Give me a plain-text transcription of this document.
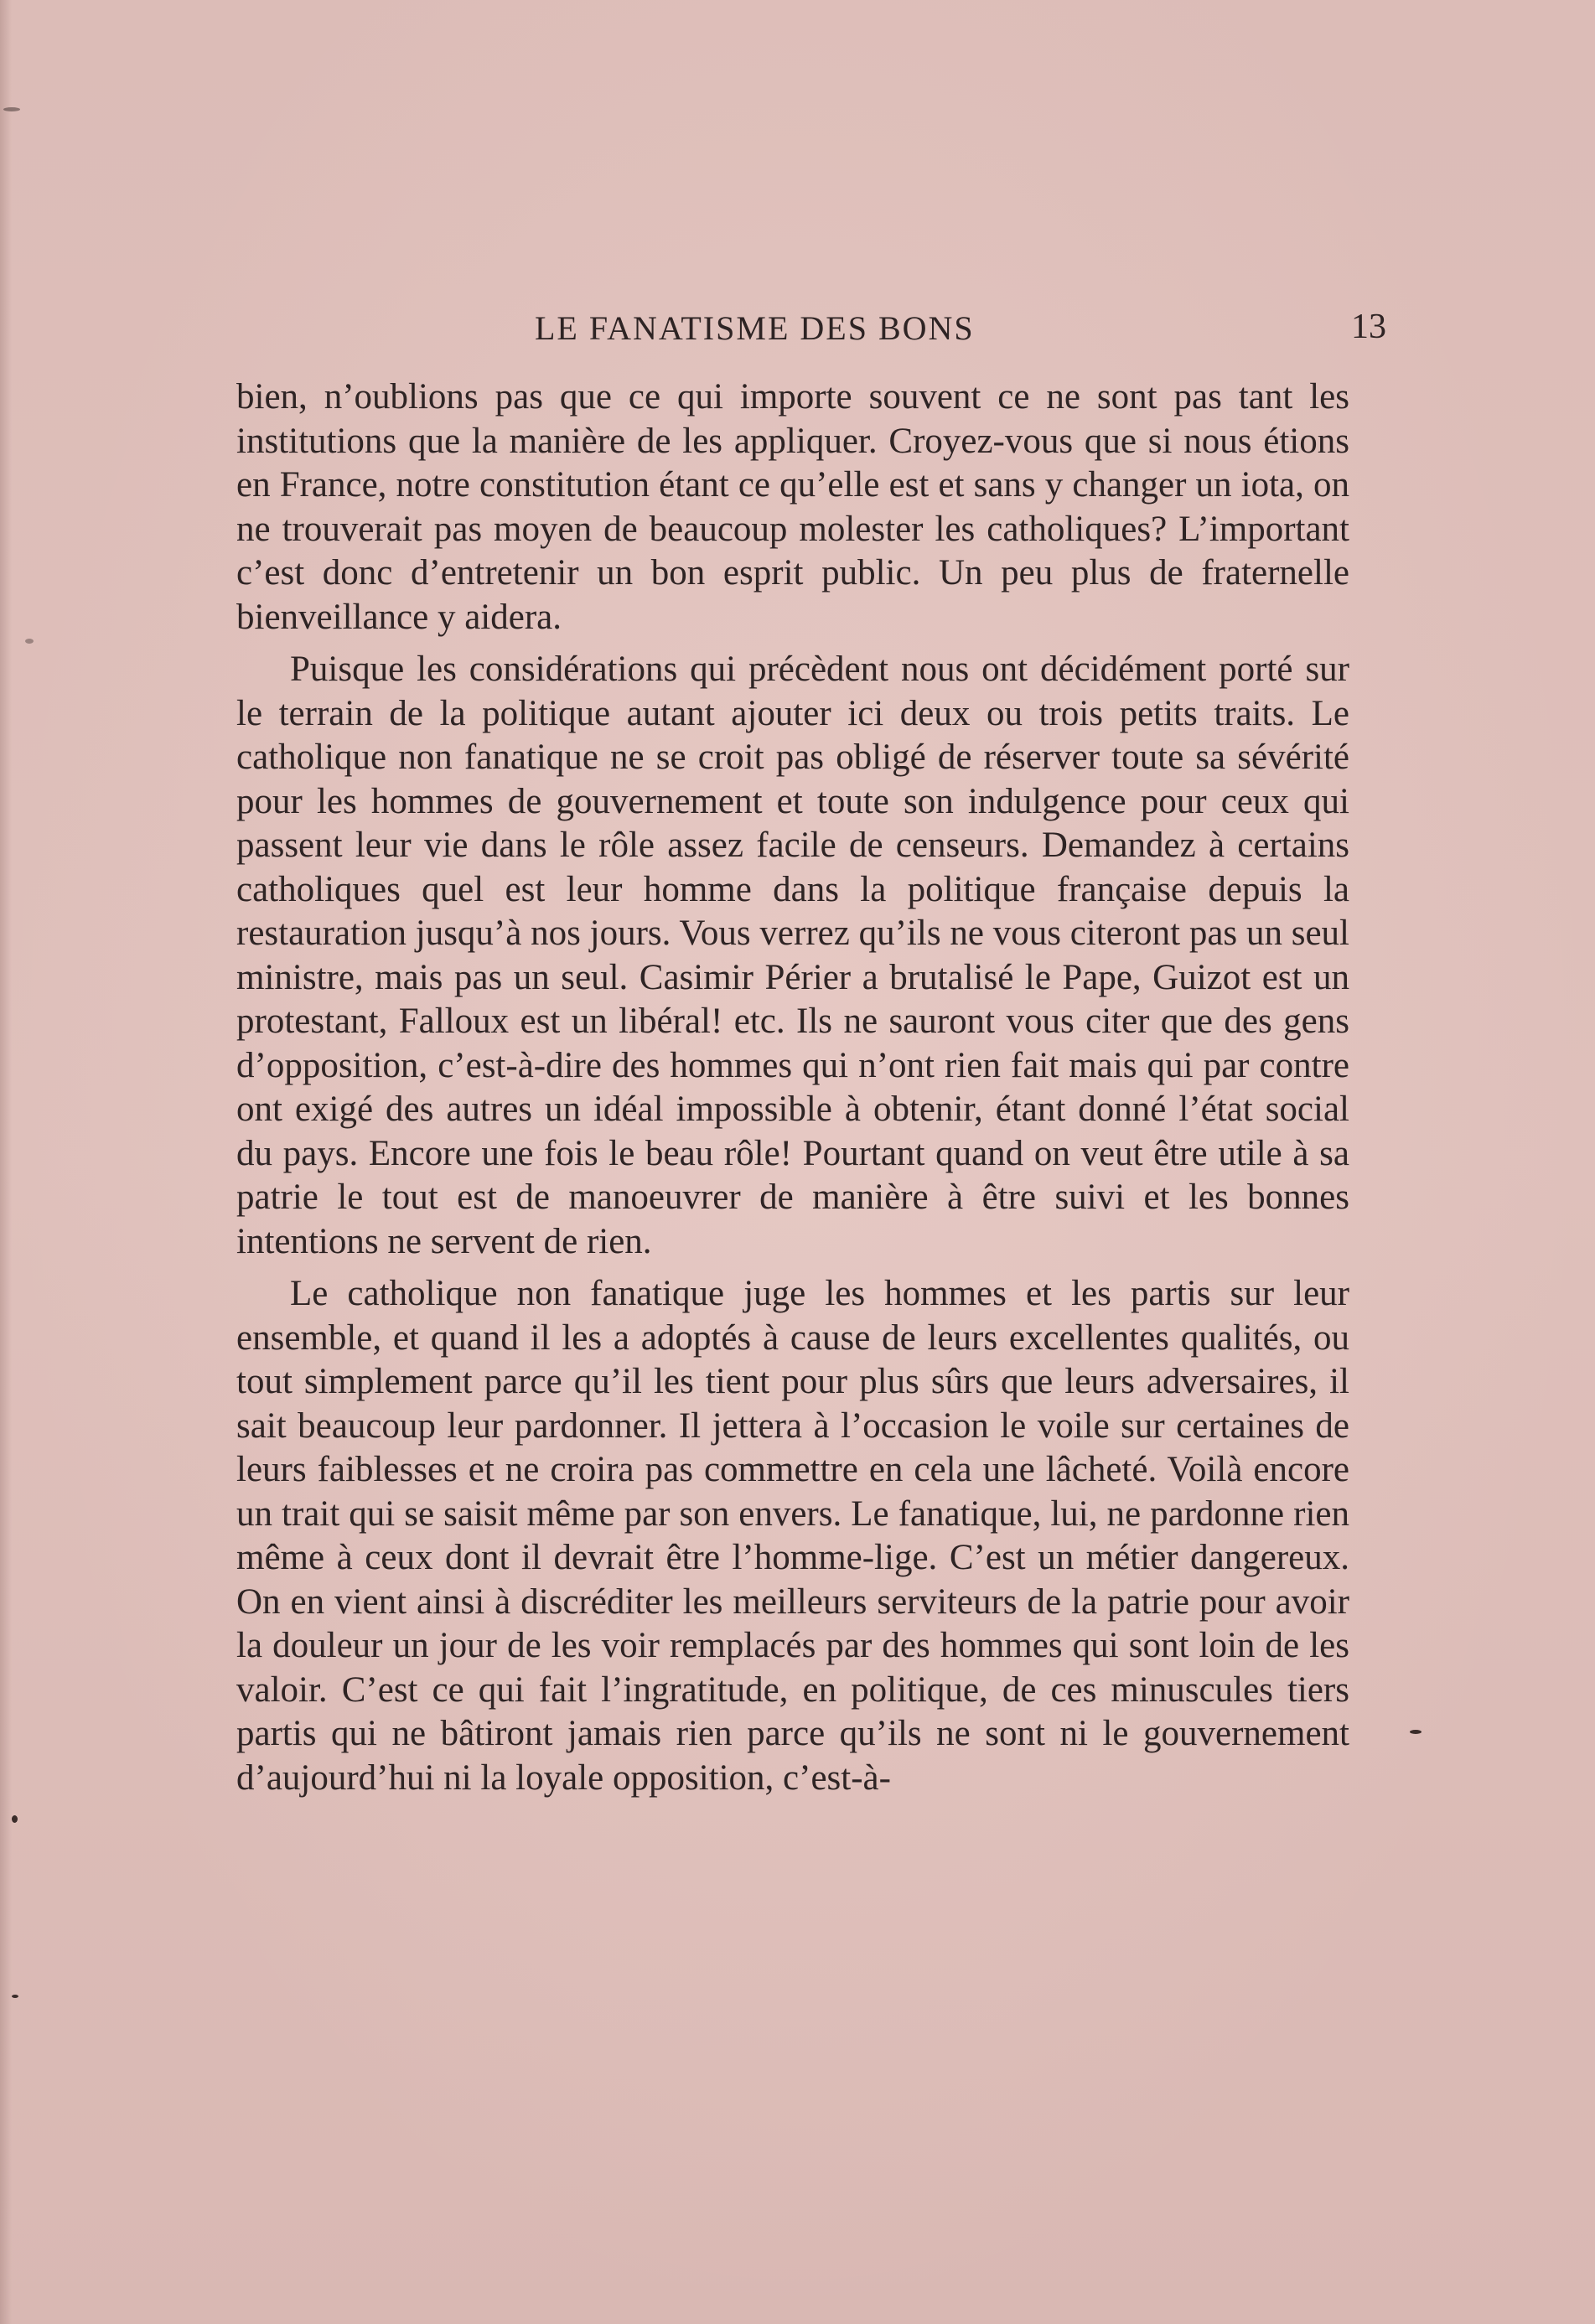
LE FANATISME DES BONS	13

bien, n’oublions pas que ce qui importe souvent ce ne sont pas tant les institutions que la manière de les appliquer. Croyez-vous que si nous étions en France, notre constitution étant ce qu’elle est et sans y changer un iota, on ne trouverait pas moyen de beaucoup molester les catholiques? L’important c’est donc d’entretenir un bon esprit public. Un peu plus de fraternelle bienveillance y aidera.

Puisque les considérations qui précèdent nous ont décidément porté sur le terrain de la politique autant ajouter ici deux ou trois petits traits. Le catholique non fanatique ne se croit pas obligé de réserver toute sa sévérité pour les hommes de gouvernement et toute son indulgence pour ceux qui passent leur vie dans le rôle assez facile de censeurs. Demandez à certains catholiques quel est leur homme dans la politique française depuis la restauration jusqu’à nos jours. Vous verrez qu’ils ne vous citeront pas un seul ministre, mais pas un seul. Casimir Périer a brutalisé le Pape, Guizot est un protestant, Falloux est un libéral! etc. Ils ne sauront vous citer que des gens d’opposition, c’est-à-dire des hommes qui n’ont rien fait mais qui par contre ont exigé des autres un idéal impossible à obtenir, étant donné l’état social du pays. Encore une fois le beau rôle! Pourtant quand on veut être utile à sa patrie le tout est de manoeuvrer de manière à être suivi et les bonnes intentions ne servent de rien.

Le catholique non fanatique juge les hommes et les partis sur leur ensemble, et quand il les a adoptés à cause de leurs excellentes qualités, ou tout simplement parce qu’il les tient pour plus sûrs que leurs adversaires, il sait beaucoup leur pardonner. Il jettera à l’occasion le voile sur certaines de leurs faiblesses et ne croira pas commettre en cela une lâcheté. Voilà encore un trait qui se saisit même par son envers. Le fanatique, lui, ne pardonne rien même à ceux dont il devrait être l’homme-lige. C’est un métier dangereux. On en vient ainsi à discréditer les meilleurs serviteurs de la patrie pour avoir la douleur un jour de les voir remplacés par des hommes qui sont loin de les valoir. C’est ce qui fait l’ingratitude, en politique, de ces minuscules tiers partis qui ne bâtiront jamais rien parce qu’ils ne sont ni le gouvernement d’aujourd’hui ni la loyale opposition, c’est-à-
